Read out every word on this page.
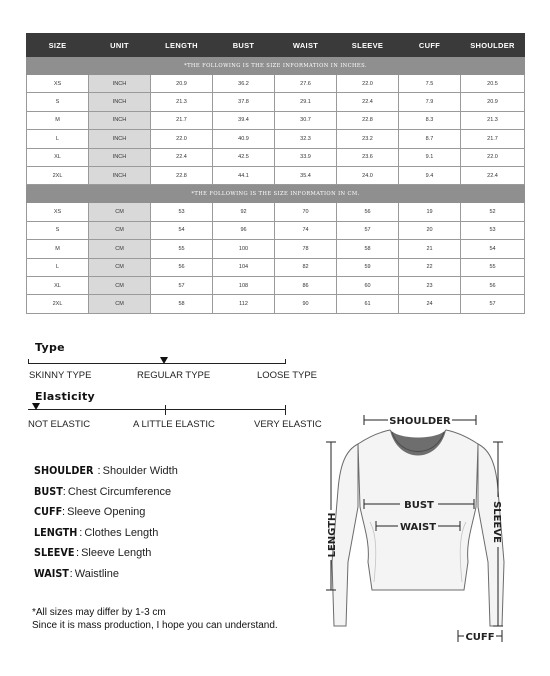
SIZE	UNIT	LENGTH	BUST	WAIST	SLEEVE	CUFF	SHOULDER
*THE FOLLOWING IS THE SIZE INFORMATION IN INCHES.							
XS	INCH	20.9	36.2	27.6	22.0	7.5	20.5
S	INCH	21.3	37.8	29.1	22.4	7.9	20.9
M	INCH	21.7	39.4	30.7	22.8	8.3	21.3
L	INCH	22.0	40.9	32.3	23.2	8.7	21.7
XL	INCH	22.4	42.5	33.9	23.6	9.1	22.0
2XL	INCH	22.8	44.1	35.4	24.0	9.4	22.4
*THE FOLLOWING IS THE SIZE INFORMATION IN CM.							
XS	CM	53	92	70	56	19	52
S	CM	54	96	74	57	20	53
M	CM	55	100	78	58	21	54
L	CM	56	104	82	59	22	55
XL	CM	57	108	86	60	23	56
2XL	CM	58	112	90	61	24	57
Type
SKINNY TYPE	REGULAR TYPE	LOOSE TYPE
Elasticity
NOT ELASTIC	A LITTLE ELASTIC	VERY ELASTIC
SHOULDER : Shoulder Width
BUST : Chest Circumference
CUFF : Sleeve Opening
LENGTH : Clothes Length
SLEEVE : Sleeve Length
WAIST : Waistline
*All sizes may differ by 1-3 cm
Since it is mass production, I hope you can understand.
SHOULDER
BUST
WAIST
LENGTH	SLEEVE
CUFF
